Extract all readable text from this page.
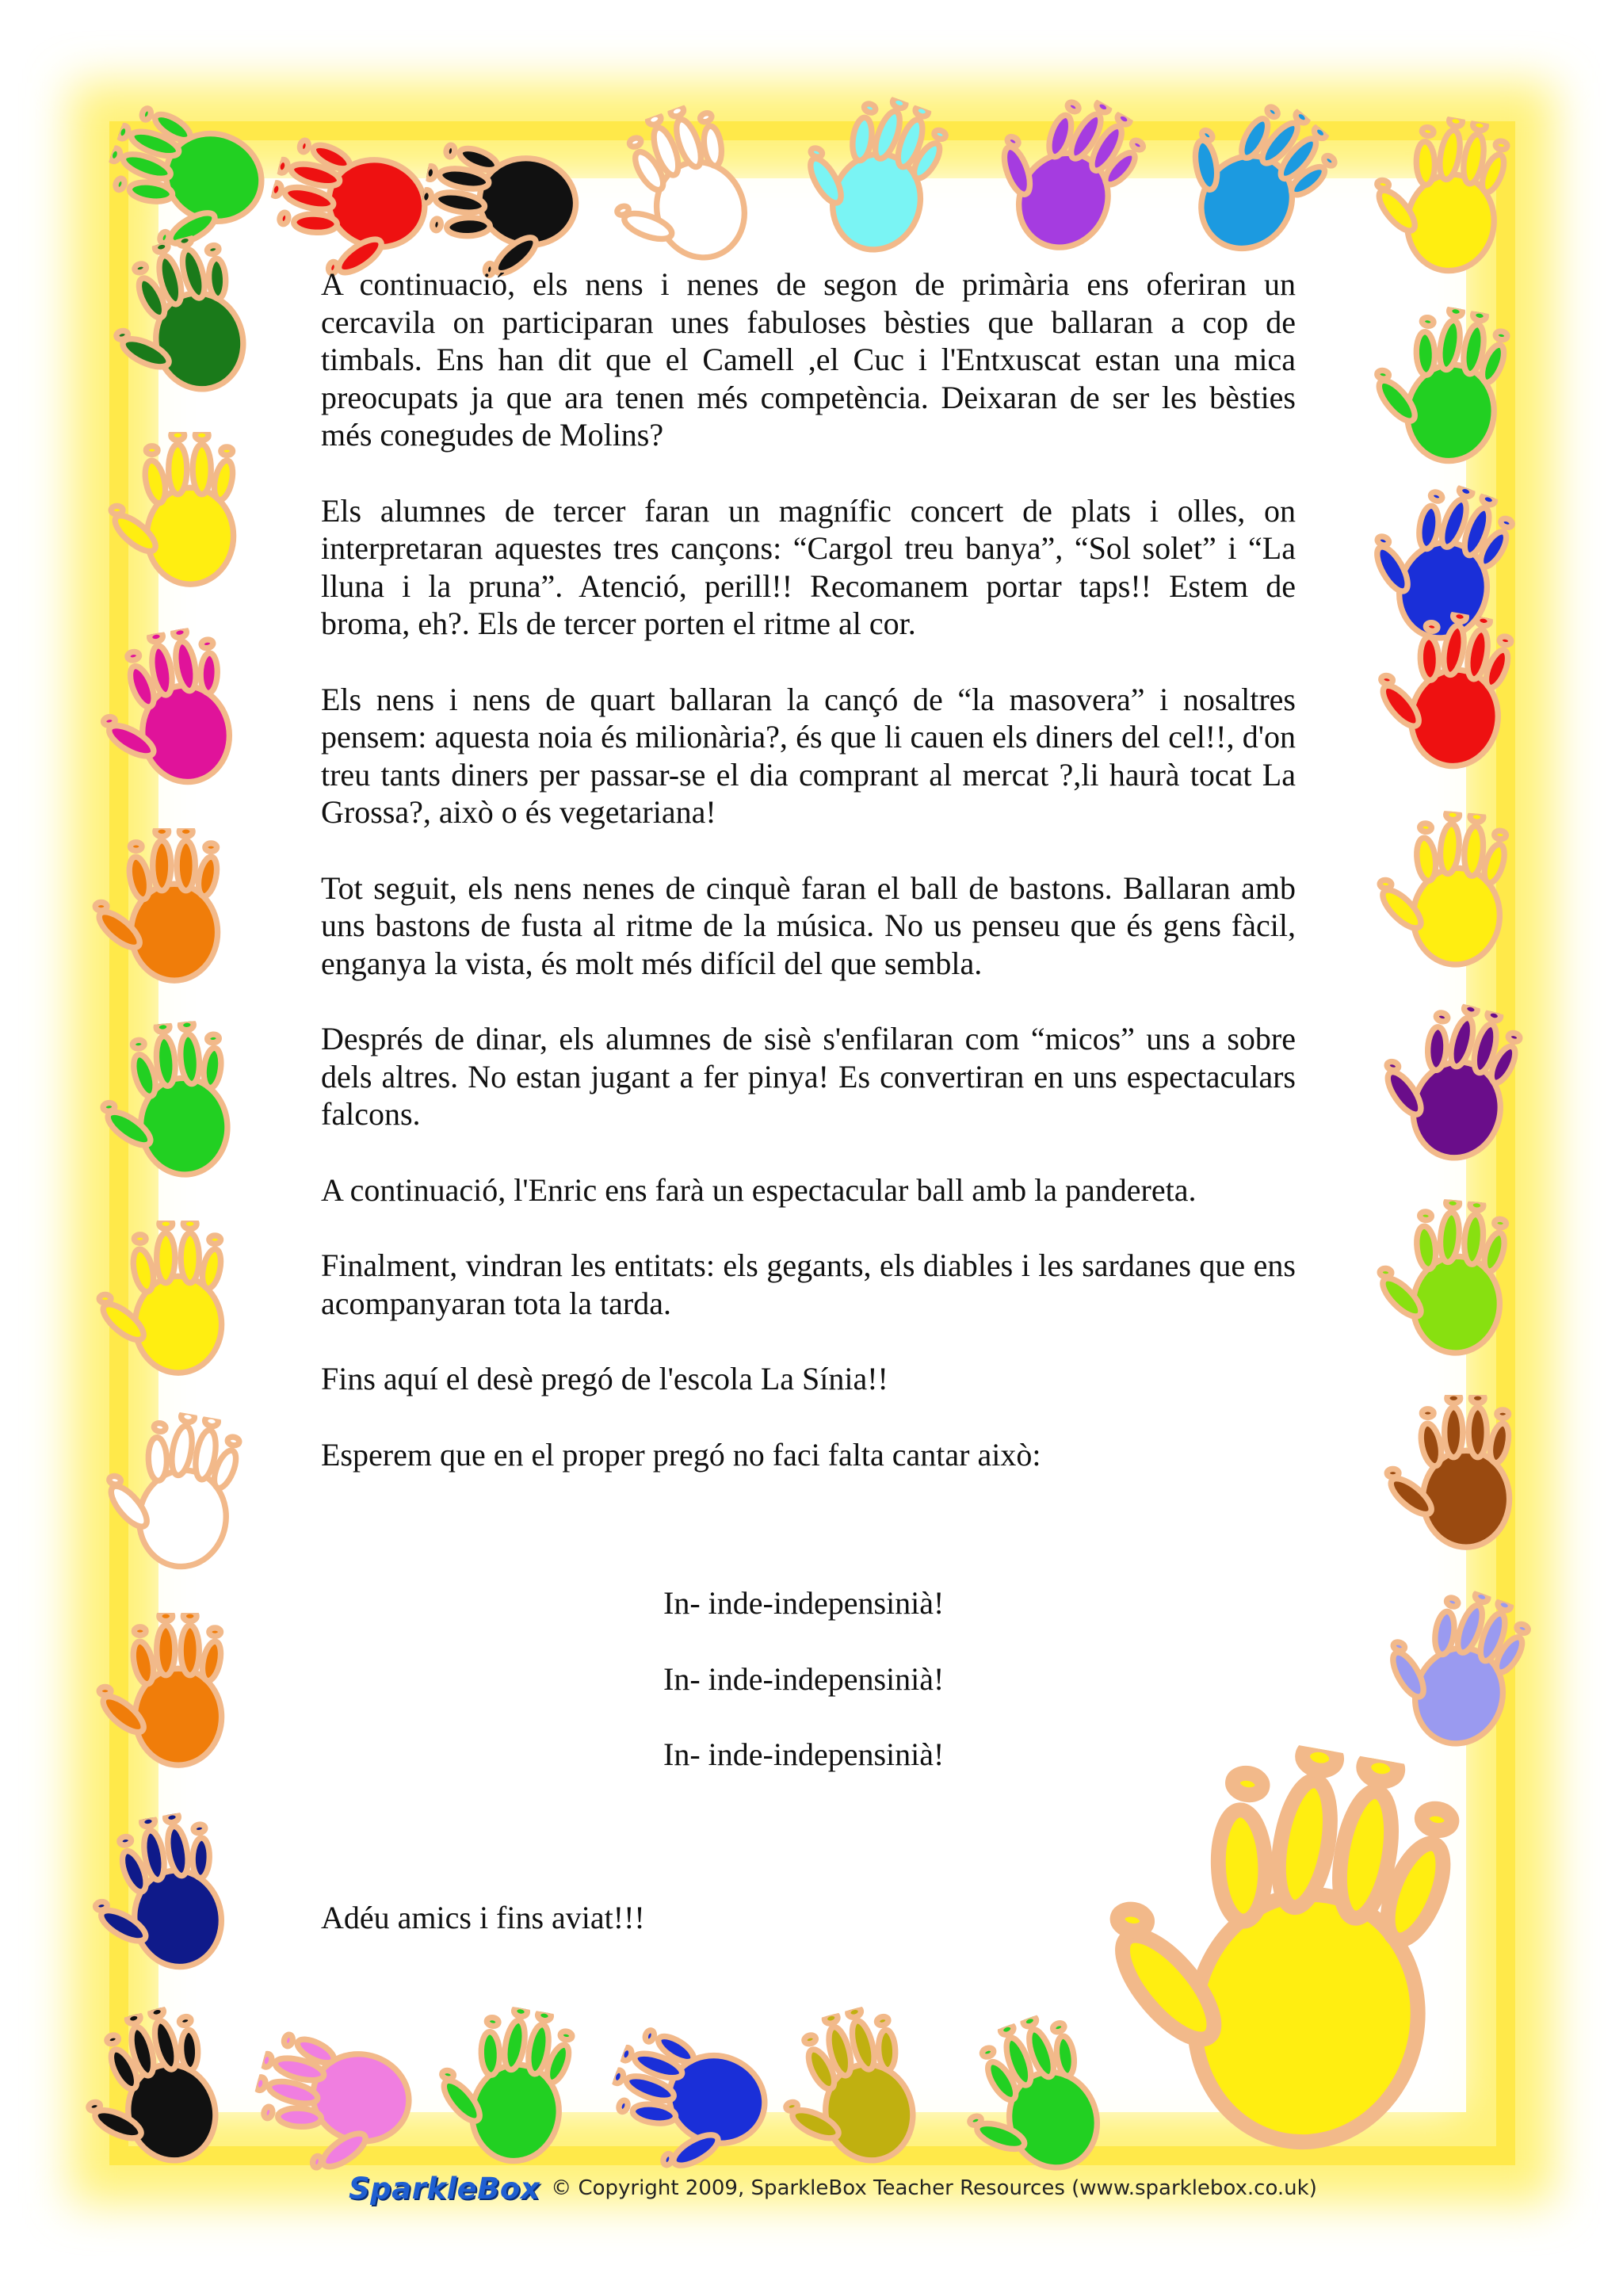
A continuació, els nens i nenes de segon de primària ens oferiran un cercavila on participaran unes fabuloses bèsties que ballaran a cop de timbals. Ens han dit que el Camell ,el Cuc i l'Entxuscat estan una mica preocupats ja que ara tenen més competència. Deixaran de ser les bèsties més conegudes de Molins?

Els alumnes de tercer faran un magnífic concert de plats i olles, on interpretaran aquestes tres cançons: “Cargol treu banya”, “Sol solet” i “La lluna i la pruna”. Atenció, perill!! Recomanem portar taps!! Estem de broma, eh?. Els de tercer porten el ritme al cor.

Els nens i nens de quart ballaran la cançó de “la masovera” i nosaltres pensem: aquesta noia és milionària?, és que li cauen els diners del cel!!, d'on treu tants diners per passar-se el dia comprant al mercat ?,li haurà tocat La Grossa?, això o és vegetariana!

Tot seguit, els nens nenes de cinquè faran el ball de bastons. Ballaran amb uns bastons de fusta al ritme de la música. No us penseu que és gens fàcil, enganya la vista, és molt més difícil del que sembla.

Després de dinar, els alumnes de sisè s'enfilaran com “micos” uns a sobre dels altres. No estan jugant a fer pinya! Es convertiran en uns espectaculars falcons.

A continuació, l'Enric ens farà un espectacular ball amb la pandereta.

Finalment, vindran les entitats: els gegants, els diables i les sardanes que ens acompanyaran tota la tarda.

Fins aquí el desè pregó de l'escola La Sínia!!

Esperem que en el proper pregó no faci falta cantar això:

In- inde-indepensinià!

In- inde-indepensinià!

In- inde-indepensinià!

Adéu amics i fins aviat!!!

SparkleBox © Copyright 2009, SparkleBox Teacher Resources (www.sparklebox.co.uk)
